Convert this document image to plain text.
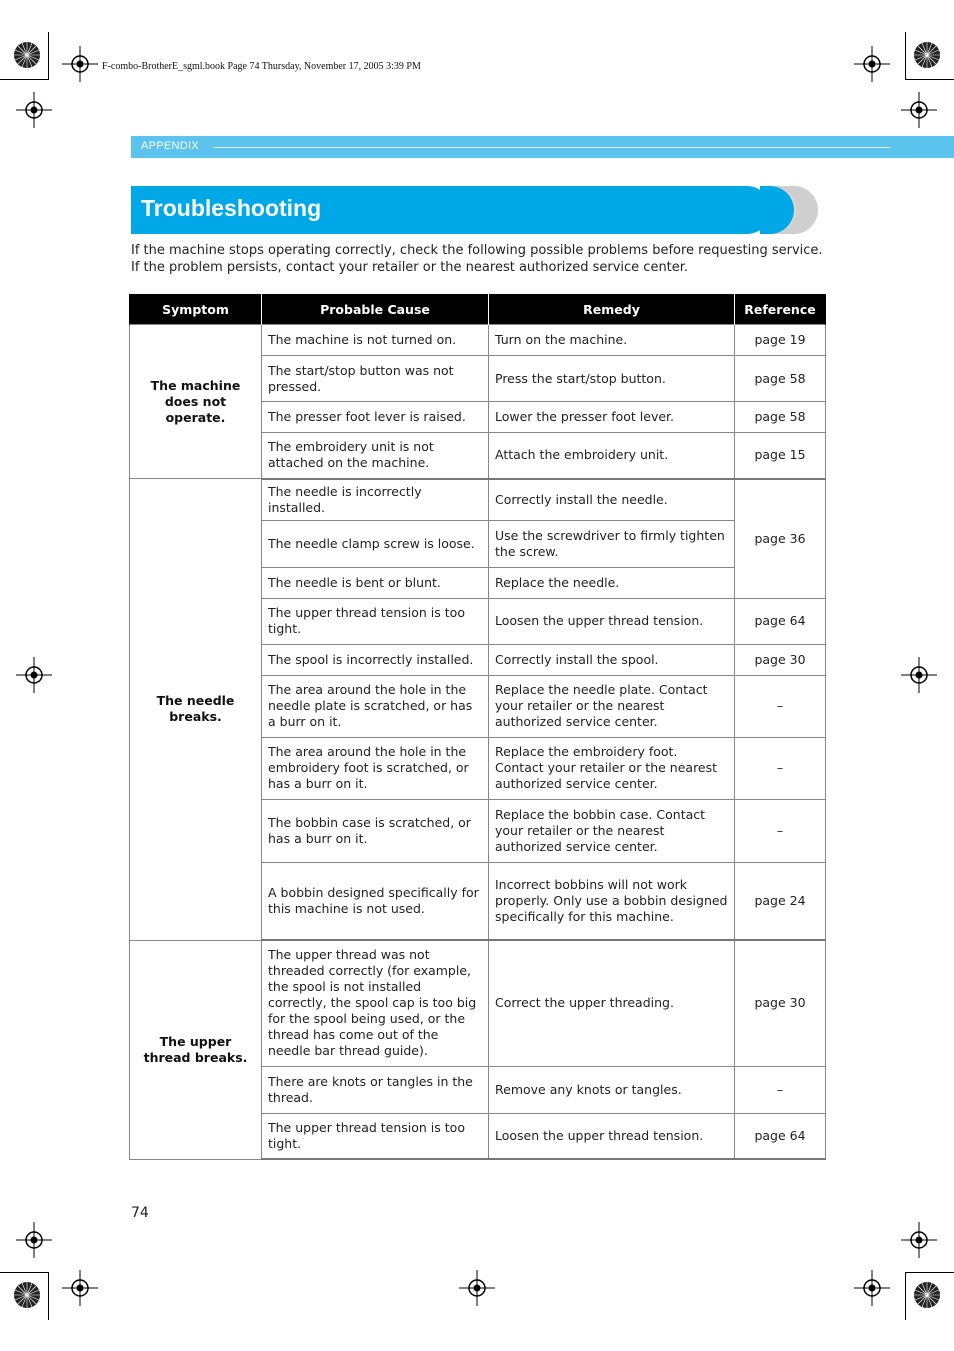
F-combo-BrotherE_sgml.book Page 74 Thursday, November 17, 2005 3:39 PM
APPENDIX
Troubleshooting

If the machine stops operating correctly, check the following possible problems before requesting service.

If the problem persists, contact your retailer or the nearest authorized service center.

Symptom	Probable Cause	Remedy	Reference
The machine does not operate.	The machine is not turned on.	Turn on the machine.	page 19
	The start/stop button was not pressed.	Press the start/stop button.	page 58
	The presser foot lever is raised.	Lower the presser foot lever.	page 58
	The embroidery unit is not attached on the machine.	Attach the embroidery unit.	page 15
The needle breaks.	The needle is incorrectly installed.	Correctly install the needle.	page 36
	The needle clamp screw is loose.	Use the screwdriver to firmly tighten the screw.	
	The needle is bent or blunt.	Replace the needle.	
	The upper thread tension is too tight.	Loosen the upper thread tension.	page 64
	The spool is incorrectly installed.	Correctly install the spool.	page 30
	The area around the hole in the needle plate is scratched, or has a burr on it.	Replace the needle plate. Contact your retailer or the nearest authorized service center.	–
	The area around the hole in the embroidery foot is scratched, or has a burr on it.	Replace the embroidery foot. Contact your retailer or the nearest authorized service center.	–
	The bobbin case is scratched, or has a burr on it.	Replace the bobbin case. Contact your retailer or the nearest authorized service center.	–
	A bobbin designed specifically for this machine is not used.	Incorrect bobbins will not work properly. Only use a bobbin designed specifically for this machine.	page 24
The upper thread breaks.	The upper thread was not threaded correctly (for example, the spool is not installed correctly, the spool cap is too big for the spool being used, or the thread has come out of the needle bar thread guide).	Correct the upper threading.	page 30
	There are knots or tangles in the thread.	Remove any knots or tangles.	–
	The upper thread tension is too tight.	Loosen the upper thread tension.	page 64
74
